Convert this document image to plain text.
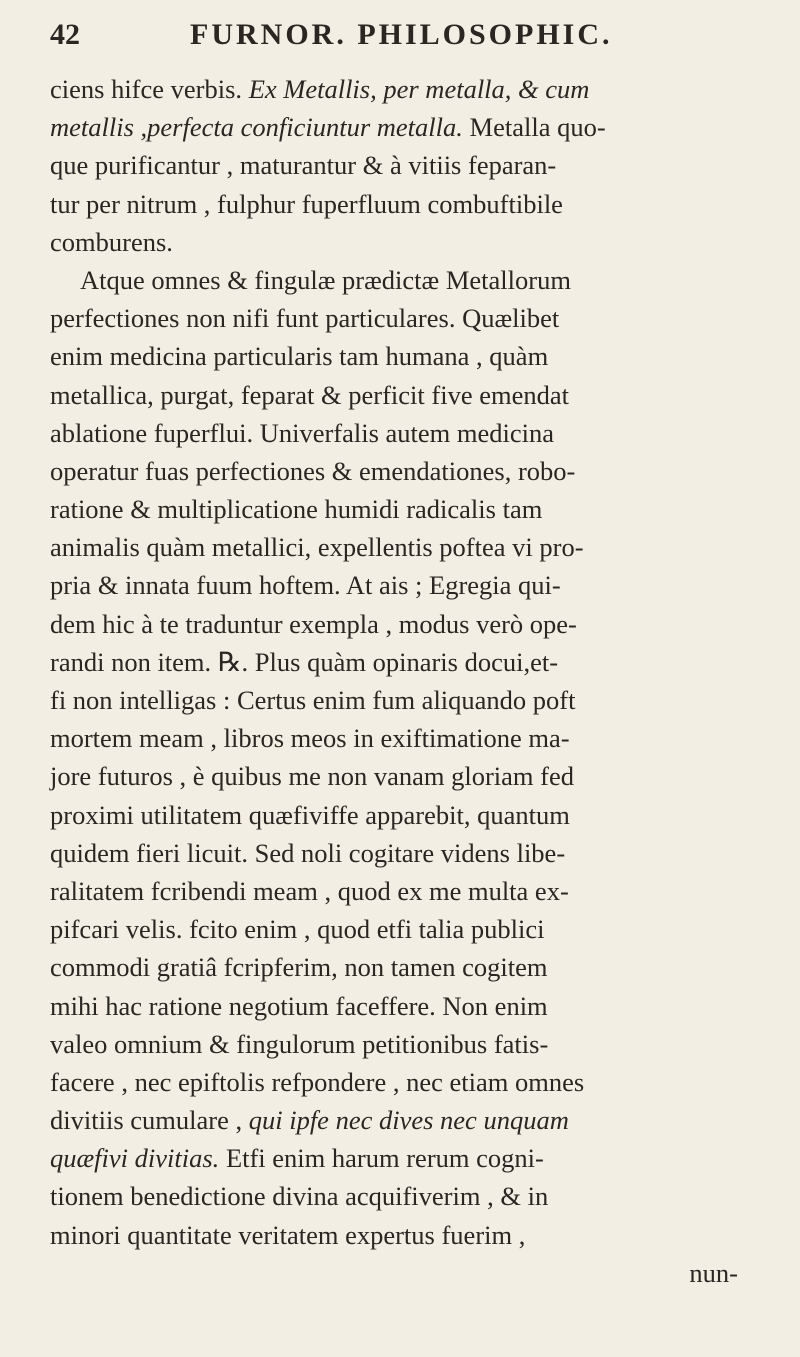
42	FURNOR. PHILOSOPHIC.
ciens hifce verbis. Ex Metallis, per metalla, & cum
metallis ,perfecta conficiuntur metalla. Metalla quo-
que purificantur , maturantur & à vitiis feparan-
tur per nitrum , fulphur fuperfluum combuftibile
comburens.
Atque omnes & fingulæ prædictæ Metallorum
perfectiones non nifi funt particulares. Quælibet
enim medicina particularis tam humana , quàm
metallica, purgat, feparat & perficit five emendat
ablatione fuperflui. Univerfalis autem medicina
operatur fuas perfectiones & emendationes, robo-
ratione & multiplicatione humidi radicalis tam
animalis quàm metallici, expellentis poftea vi pro-
pria & innata fuum hoftem. At ais ; Egregia qui-
dem hic à te traduntur exempla , modus verò ope-
randi non item. ℞. Plus quàm opinaris docui,et-
fi non intelligas : Certus enim fum aliquando poft
mortem meam , libros meos in exiftimatione ma-
jore futuros , è quibus me non vanam gloriam fed
proximi utilitatem quæfiviffe apparebit, quantum
quidem fieri licuit. Sed noli cogitare videns libe-
ralitatem fcribendi meam , quod ex me multa ex-
pifcari velis. fcito enim , quod etfi talia publici
commodi gratiâ fcripferim, non tamen cogitem
mihi hac ratione negotium faceffere. Non enim
valeo omnium & fingulorum petitionibus fatis-
facere , nec epiftolis refpondere , nec etiam omnes
divitiis cumulare , qui ipfe nec dives nec unquam
quæfivi divitias. Etfi enim harum rerum cogni-
tionem benedictione divina acquifiverim , & in
minori quantitate veritatem expertus fuerim ,
nun-
